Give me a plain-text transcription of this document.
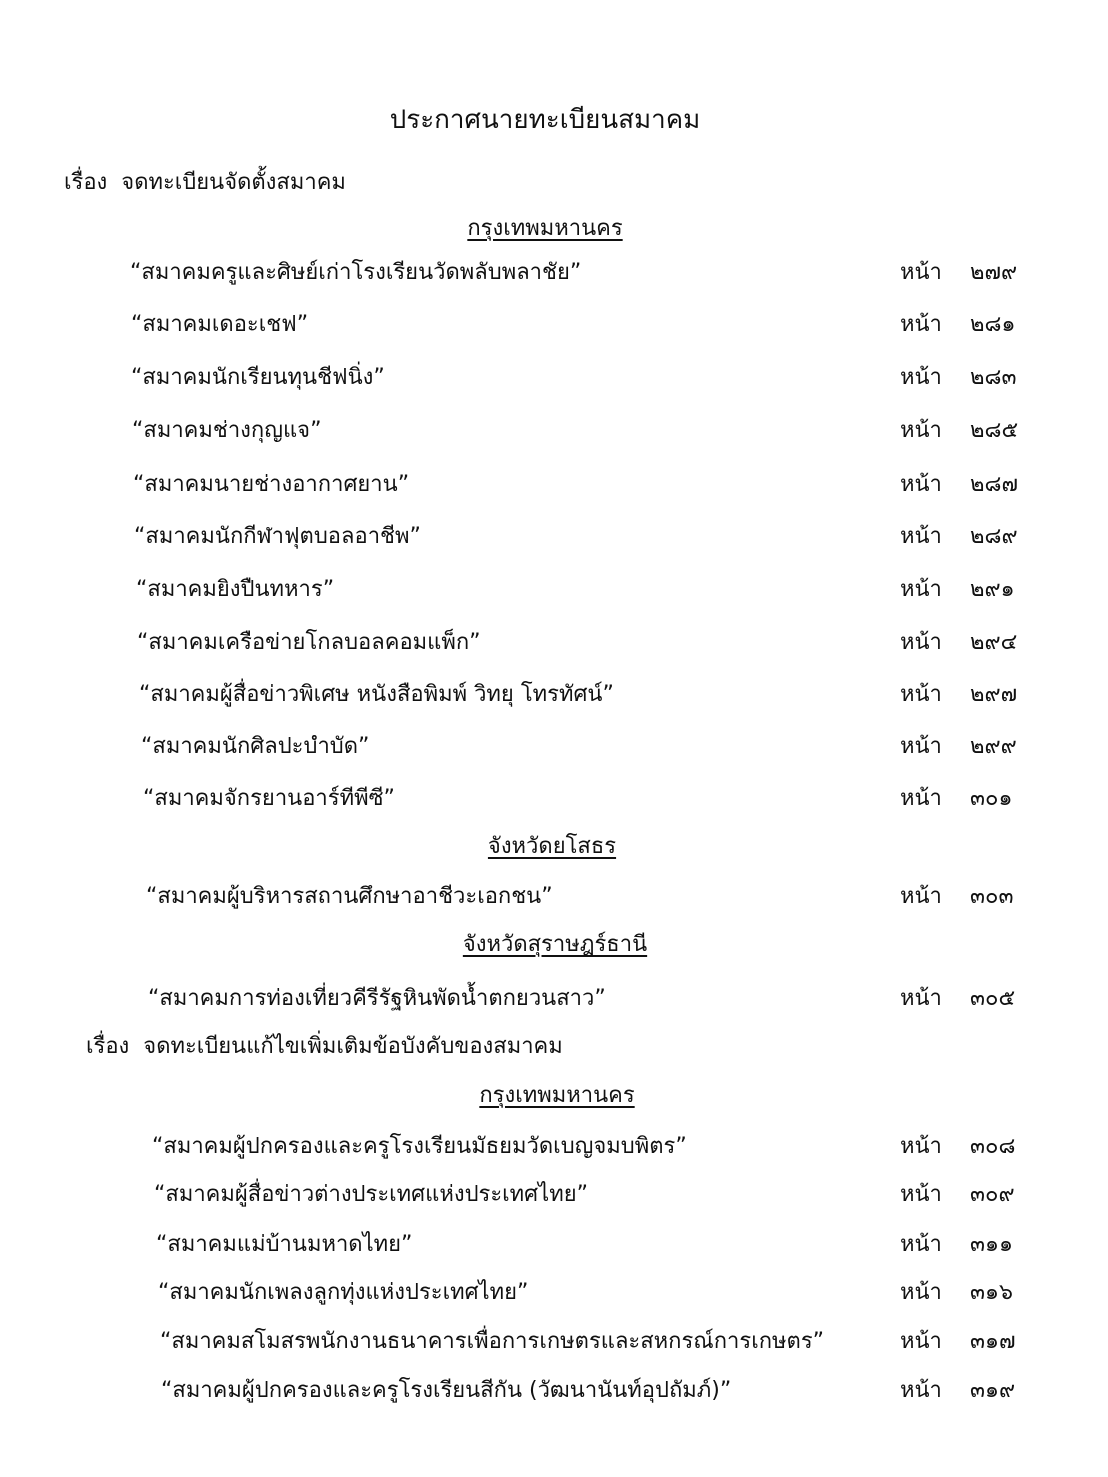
ประกาศนายทะเบียนสมาคม
เรื่อง จดทะเบียนจัดตั้งสมาคม
กรุงเทพมหานคร
“สมาคมครูและศิษย์เก่าโรงเรียนวัดพลับพลาชัย”	หน้า ๒๗๙
“สมาคมเดอะเชฟ”	หน้า ๒๘๑
“สมาคมนักเรียนทุนชีฟนิ่ง”	หน้า ๒๘๓
“สมาคมช่างกุญแจ”	หน้า ๒๘๕
“สมาคมนายช่างอากาศยาน”	หน้า ๒๘๗
“สมาคมนักกีฬาฟุตบอลอาชีพ”	หน้า ๒๘๙
“สมาคมยิงปืนทหาร”	หน้า ๒๙๑
“สมาคมเครือข่ายโกลบอลคอมแพ็ก”	หน้า ๒๙๔
“สมาคมผู้สื่อข่าวพิเศษ หนังสือพิมพ์ วิทยุ โทรทัศน์”	หน้า ๒๙๗
“สมาคมนักศิลปะบำบัด”	หน้า ๒๙๙
“สมาคมจักรยานอาร์ทีพีซี”	หน้า ๓๐๑
จังหวัดยโสธร
“สมาคมผู้บริหารสถานศึกษาอาชีวะเอกชน”	หน้า ๓๐๓
จังหวัดสุราษฎร์ธานี
“สมาคมการท่องเที่ยวคีรีรัฐหินพัดน้ำตกยวนสาว”	หน้า ๓๐๕
เรื่อง จดทะเบียนแก้ไขเพิ่มเติมข้อบังคับของสมาคม
กรุงเทพมหานคร
“สมาคมผู้ปกครองและครูโรงเรียนมัธยมวัดเบญจมบพิตร”	หน้า ๓๐๘
“สมาคมผู้สื่อข่าวต่างประเทศแห่งประเทศไทย”	หน้า ๓๐๙
“สมาคมแม่บ้านมหาดไทย”	หน้า ๓๑๑
“สมาคมนักเพลงลูกทุ่งแห่งประเทศไทย”	หน้า ๓๑๖
“สมาคมสโมสรพนักงานธนาคารเพื่อการเกษตรและสหกรณ์การเกษตร”	หน้า ๓๑๗
“สมาคมผู้ปกครองและครูโรงเรียนสีกัน (วัฒนานันท์อุปถัมภ์)”	หน้า ๓๑๙
